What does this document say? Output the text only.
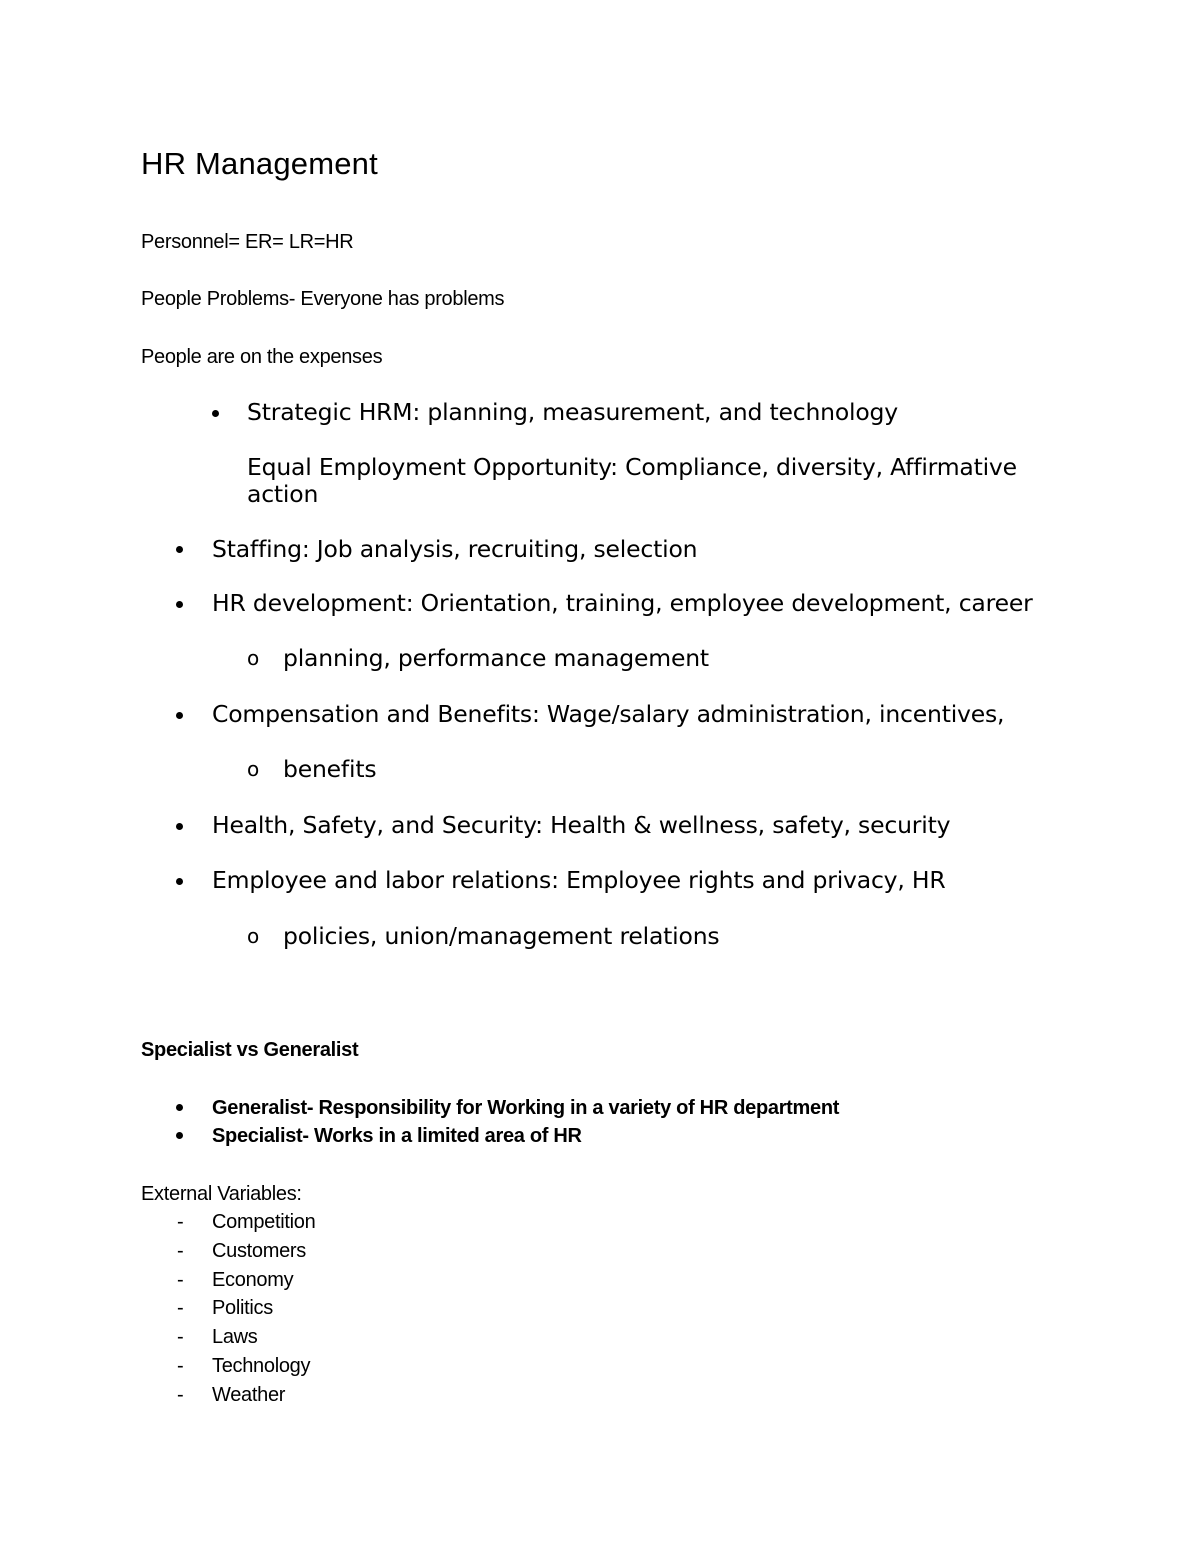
HR Management
Personnel= ER= LR=HR
People Problems- Everyone has problems
People are on the expenses
Strategic HRM: planning, measurement, and technology
Equal Employment Opportunity: Compliance, diversity, Affirmative
action
Staffing: Job analysis, recruiting, selection
HR development: Orientation, training, employee development, career
o planning, performance management
Compensation and Benefits: Wage/salary administration, incentives,
o benefits
Health, Safety, and Security: Health & wellness, safety, security
Employee and labor relations: Employee rights and privacy, HR
o policies, union/management relations
Specialist vs Generalist
Generalist- Responsibility for Working in a variety of HR department
Specialist- Works in a limited area of HR
External Variables:
- Competition
- Customers
- Economy
- Politics
- Laws
- Technology
- Weather
